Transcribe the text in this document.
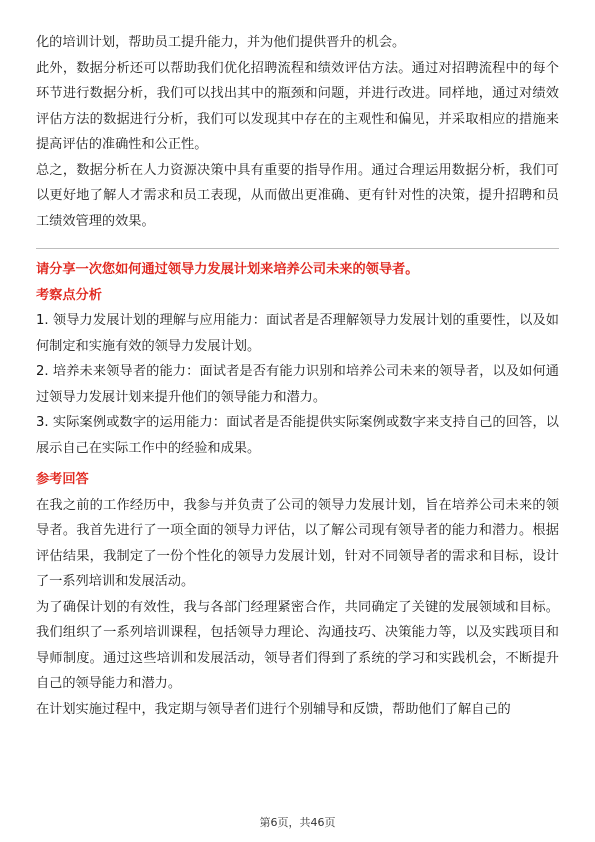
化的培训计划，帮助员工提升能力，并为他们提供晋升的机会。

此外，数据分析还可以帮助我们优化招聘流程和绩效评估方法。通过对招聘流程中的每个环节进行数据分析，我们可以找出其中的瓶颈和问题，并进行改进。同样地，通过对绩效评估方法的数据进行分析，我们可以发现其中存在的主观性和偏见，并采取相应的措施来提高评估的准确性和公正性。

总之，数据分析在人力资源决策中具有重要的指导作用。通过合理运用数据分析，我们可以更好地了解人才需求和员工表现，从而做出更准确、更有针对性的决策，提升招聘和员工绩效管理的效果。

请分享一次您如何通过领导力发展计划来培养公司未来的领导者。

考察点分析

1. 领导力发展计划的理解与应用能力：面试者是否理解领导力发展计划的重要性，以及如何制定和实施有效的领导力发展计划。

2. 培养未来领导者的能力：面试者是否有能力识别和培养公司未来的领导者，以及如何通过领导力发展计划来提升他们的领导能力和潜力。

3. 实际案例或数字的运用能力：面试者是否能提供实际案例或数字来支持自己的回答，以展示自己在实际工作中的经验和成果。

参考回答

在我之前的工作经历中，我参与并负责了公司的领导力发展计划，旨在培养公司未来的领导者。我首先进行了一项全面的领导力评估，以了解公司现有领导者的能力和潜力。根据评估结果，我制定了一份个性化的领导力发展计划，针对不同领导者的需求和目标，设计了一系列培训和发展活动。

为了确保计划的有效性，我与各部门经理紧密合作，共同确定了关键的发展领域和目标。我们组织了一系列培训课程，包括领导力理论、沟通技巧、决策能力等，以及实践项目和导师制度。通过这些培训和发展活动，领导者们得到了系统的学习和实践机会，不断提升自己的领导能力和潜力。

在计划实施过程中，我定期与领导者们进行个别辅导和反馈，帮助他们了解自己的

第6页，共46页
